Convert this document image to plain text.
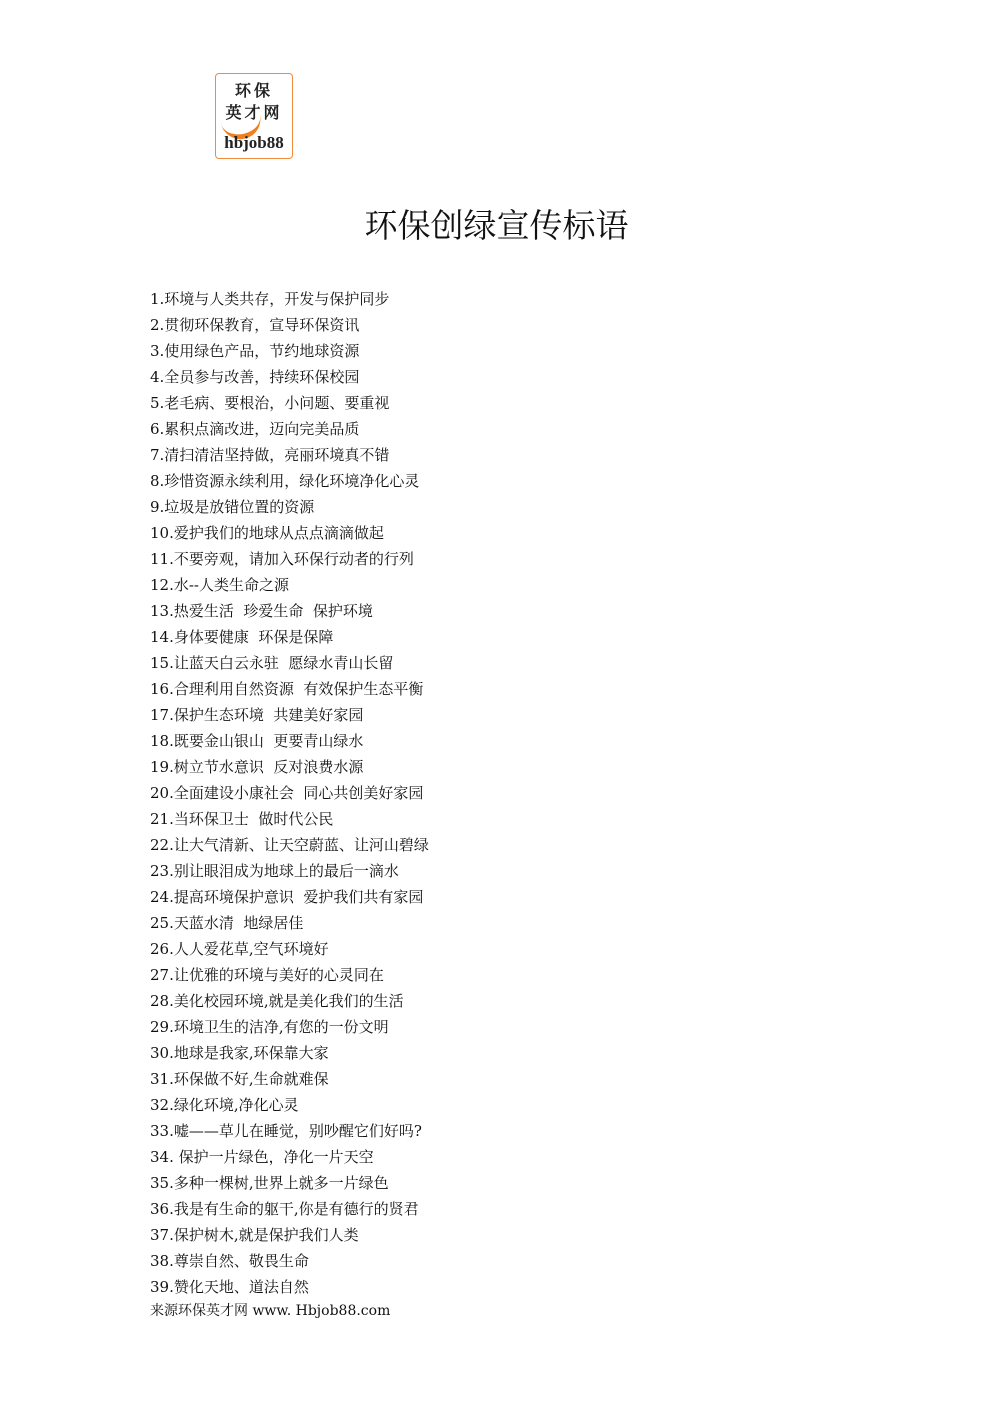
环保
英才网
hbjob88
环保创绿宣传标语
1.环境与人类共存，开发与保护同步
2.贯彻环保教育，宣导环保资讯
3.使用绿色产品，节约地球资源
4.全员参与改善，持续环保校园
5.老毛病、要根治，小问题、要重视
6.累积点滴改进，迈向完美品质
7.清扫清洁坚持做，亮丽环境真不错
8.珍惜资源永续利用，绿化环境净化心灵
9.垃圾是放错位置的资源
10.爱护我们的地球从点点滴滴做起
11.不要旁观，请加入环保行动者的行列
12.水--人类生命之源
13.热爱生活  珍爱生命  保护环境
14.身体要健康  环保是保障
15.让蓝天白云永驻  愿绿水青山长留
16.合理利用自然资源  有效保护生态平衡
17.保护生态环境  共建美好家园
18.既要金山银山  更要青山绿水
19.树立节水意识  反对浪费水源
20.全面建设小康社会  同心共创美好家园
21.当环保卫士  做时代公民
22.让大气清新、让天空蔚蓝、让河山碧绿
23.别让眼泪成为地球上的最后一滴水
24.提高环境保护意识  爱护我们共有家园
25.天蓝水清  地绿居佳
26.人人爱花草,空气环境好
27.让优雅的环境与美好的心灵同在
28.美化校园环境,就是美化我们的生活
29.环境卫生的洁净,有您的一份文明
30.地球是我家,环保靠大家
31.环保做不好,生命就难保
32.绿化环境,净化心灵
33.嘘——草儿在睡觉，别吵醒它们好吗?
34. 保护一片绿色，净化一片天空
35.多种一棵树,世界上就多一片绿色
36.我是有生命的躯干,你是有德行的贤君
37.保护树木,就是保护我们人类
38.尊崇自然、敬畏生命
39.赞化天地、道法自然
来源环保英才网 www. Hbjob88.com
